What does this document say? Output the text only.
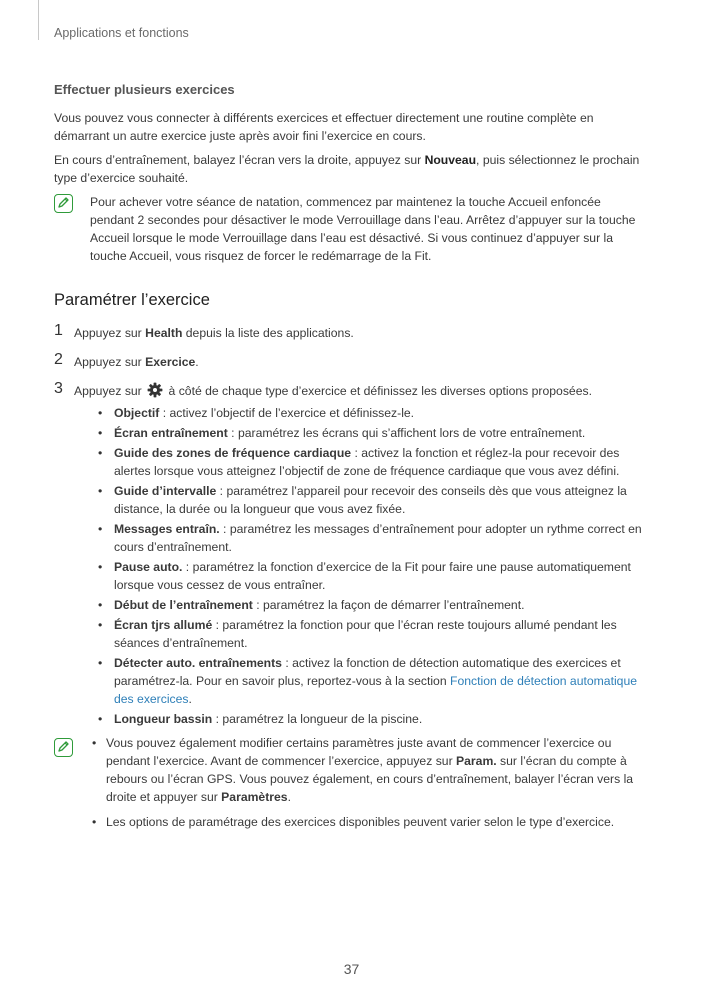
Applications et fonctions
Effectuer plusieurs exercices

Vous pouvez vous connecter à différents exercices et effectuer directement une routine complète en démarrant un autre exercice juste après avoir fini l’exercice en cours.

En cours d’entraînement, balayez l’écran vers la droite, appuyez sur Nouveau, puis sélectionnez le prochain type d’exercice souhaité.

Pour achever votre séance de natation, commencez par maintenez la touche Accueil enfoncée pendant 2 secondes pour désactiver le mode Verrouillage dans l’eau. Arrêtez d’appuyer sur la touche Accueil lorsque le mode Verrouillage dans l’eau est désactivé. Si vous continuez d’appuyer sur la touche Accueil, vous risquez de forcer le redémarrage de la Fit.
Paramétrer l’exercice
1 Appuyez sur Health depuis la liste des applications.
2 Appuyez sur Exercice.
3 Appuyez sur
à côté de chaque type d’exercice et définissez les diverses options proposées.
• Objectif : activez l’objectif de l’exercice et définissez-le.
• Écran entraînement : paramétrez les écrans qui s’affichent lors de votre entraînement.
• Guide des zones de fréquence cardiaque : activez la fonction et réglez-la pour recevoir des alertes lorsque vous atteignez l’objectif de zone de fréquence cardiaque que vous avez défini.
• Guide d’intervalle : paramétrez l’appareil pour recevoir des conseils dès que vous atteignez la distance, la durée ou la longueur que vous avez fixée.
• Messages entraîn. : paramétrez les messages d’entraînement pour adopter un rythme correct en cours d’entraînement.
• Pause auto. : paramétrez la fonction d’exercice de la Fit pour faire une pause automatiquement lorsque vous cessez de vous entraîner.
• Début de l’entraînement : paramétrez la façon de démarrer l’entraînement.
• Écran tjrs allumé : paramétrez la fonction pour que l’écran reste toujours allumé pendant les séances d’entraînement.
• Détecter auto. entraînements : activez la fonction de détection automatique des exercices et paramétrez-la. Pour en savoir plus, reportez-vous à la section Fonction de détection automatique des exercices.
• Longueur bassin : paramétrez la longueur de la piscine.
• Vous pouvez également modifier certains paramètres juste avant de commencer l’exercice ou pendant l’exercice. Avant de commencer l’exercice, appuyez sur Param. sur l’écran du compte à rebours ou l’écran GPS. Vous pouvez également, en cours d’entraînement, balayer l’écran vers la droite et appuyer sur Paramètres.
• Les options de paramétrage des exercices disponibles peuvent varier selon le type d’exercice.
37
